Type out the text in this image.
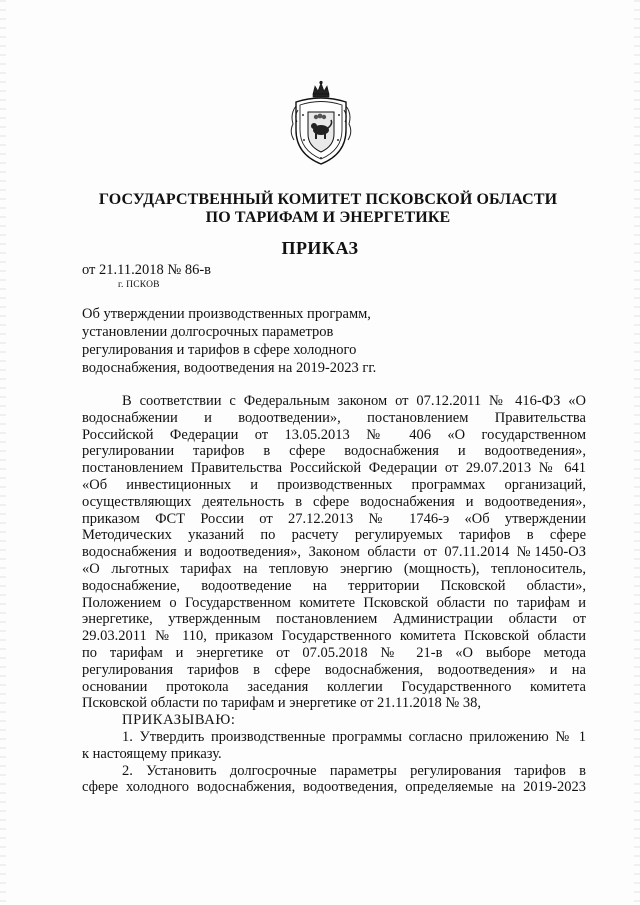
ГОСУДАРСТВЕННЫЙ КОМИТЕТ ПСКОВСКОЙ ОБЛАСТИ
ПО ТАРИФАМ И ЭНЕРГЕТИКЕ
ПРИКАЗ
от 21.11.2018 № 86-в
г. ПСКОВ
Об утверждении производственных программ,
установлении долгосрочных параметров
регулирования и тарифов в сфере холодного
водоснабжения, водоотведения на 2019-2023 гг.
В соответствии с Федеральным законом от 07.12.2011 № 416-ФЗ «О
водоснабжении и водоотведении», постановлением Правительства
Российской Федерации от 13.05.2013 № 406 «О государственном
регулировании тарифов в сфере водоснабжения и водоотведения»,
постановлением Правительства Российской Федерации от 29.07.2013 № 641
«Об инвестиционных и производственных программах организаций,
осуществляющих деятельность в сфере водоснабжения и водоотведения»,
приказом ФСТ России от 27.12.2013 № 1746-э «Об утверждении
Методических указаний по расчету регулируемых тарифов в сфере
водоснабжения и водоотведения», Законом области от 07.11.2014 №1450-ОЗ
«О льготных тарифах на тепловую энергию (мощность), теплоноситель,
водоснабжение, водоотведение на территории Псковской области»,
Положением о Государственном комитете Псковской области по тарифам и
энергетике, утвержденным постановлением Администрации области от
29.03.2011 № 110, приказом Государственного комитета Псковской области
по тарифам и энергетике от 07.05.2018 № 21-в «О выборе метода
регулирования тарифов в сфере водоснабжения, водоотведения» и на
основании протокола заседания коллегии Государственного комитета
Псковской области по тарифам и энергетике от 21.11.2018 № 38,
ПРИКАЗЫВАЮ:
1. Утвердить производственные программы согласно приложению № 1
к настоящему приказу.
2. Установить долгосрочные параметры регулирования тарифов в
сфере холодного водоснабжения, водоотведения, определяемые на 2019-2023
